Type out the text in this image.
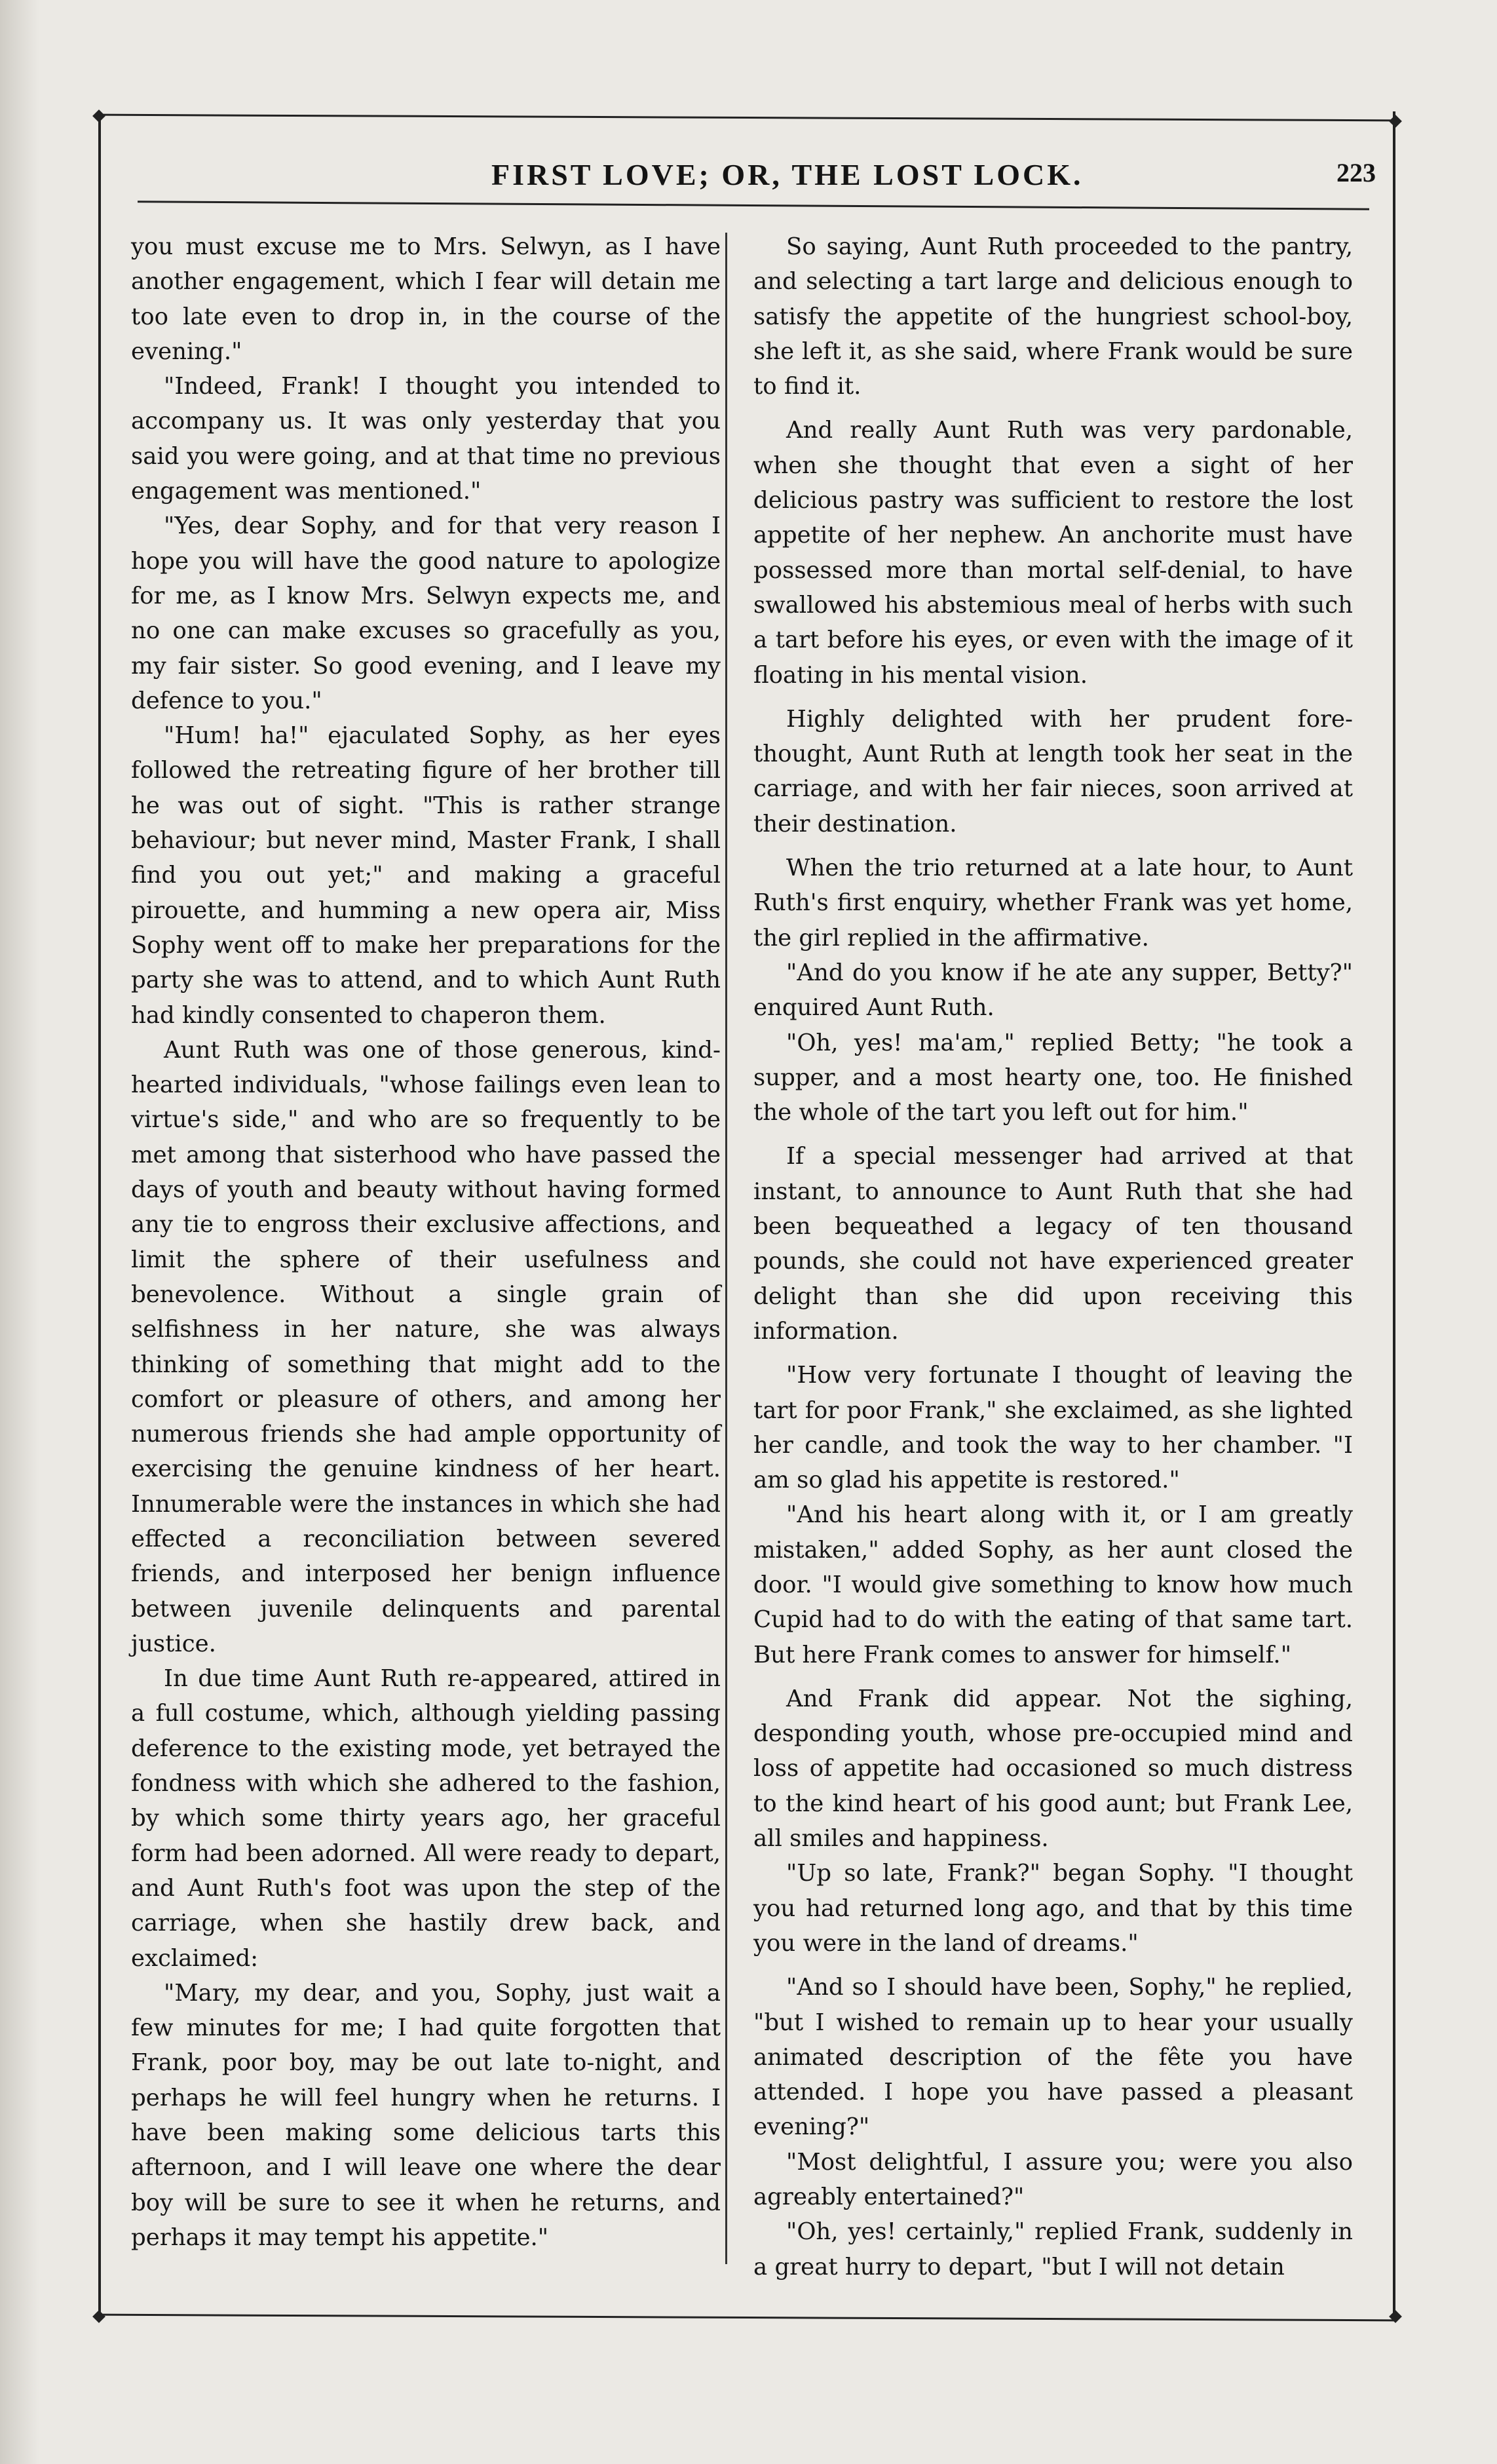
FIRST LOVE; OR, THE LOST LOCK.	223

you must excuse me to Mrs. Selwyn, as I have another engagement, which I fear will detain me too late even to drop in, in the course of the evening."

"Indeed, Frank! I thought you intended to accompany us. It was only yesterday that you said you were going, and at that time no previous engagement was mentioned."

"Yes, dear Sophy, and for that very reason I hope you will have the good nature to apologize for me, as I know Mrs. Selwyn expects me, and no one can make excuses so gracefully as you, my fair sister. So good evening, and I leave my defence to you."

"Hum! ha!" ejaculated Sophy, as her eyes followed the retreating figure of her brother till he was out of sight. "This is rather strange behaviour; but never mind, Master Frank, I shall find you out yet;" and making a graceful pirouette, and humming a new opera air, Miss Sophy went off to make her preparations for the party she was to attend, and to which Aunt Ruth had kindly consented to chaperon them.

Aunt Ruth was one of those generous, kind-hearted individuals, "whose failings even lean to virtue's side," and who are so frequently to be met among that sisterhood who have passed the days of youth and beauty without having formed any tie to engross their exclusive affections, and limit the sphere of their usefulness and benevolence. Without a single grain of selfishness in her nature, she was always thinking of something that might add to the comfort or pleasure of others, and among her numerous friends she had ample opportunity of exercising the genuine kindness of her heart. Innumerable were the instances in which she had effected a reconciliation between severed friends, and interposed her benign influence between juvenile delinquents and parental justice.

In due time Aunt Ruth re-appeared, attired in a full costume, which, although yielding passing deference to the existing mode, yet betrayed the fondness with which she adhered to the fashion, by which some thirty years ago, her graceful form had been adorned. All were ready to depart, and Aunt Ruth's foot was upon the step of the carriage, when she hastily drew back, and exclaimed:

"Mary, my dear, and you, Sophy, just wait a few minutes for me; I had quite forgotten that Frank, poor boy, may be out late to-night, and perhaps he will feel hungry when he returns. I have been making some delicious tarts this afternoon, and I will leave one where the dear boy will be sure to see it when he returns, and perhaps it may tempt his appetite."

So saying, Aunt Ruth proceeded to the pantry, and selecting a tart large and delicious enough to satisfy the appetite of the hungriest school-boy, she left it, as she said, where Frank would be sure to find it.

And really Aunt Ruth was very pardonable, when she thought that even a sight of her delicious pastry was sufficient to restore the lost appetite of her nephew. An anchorite must have possessed more than mortal self-denial, to have swallowed his abstemious meal of herbs with such a tart before his eyes, or even with the image of it floating in his mental vision.

Highly delighted with her prudent fore-thought, Aunt Ruth at length took her seat in the carriage, and with her fair nieces, soon arrived at their destination.

When the trio returned at a late hour, to Aunt Ruth's first enquiry, whether Frank was yet home, the girl replied in the affirmative.

"And do you know if he ate any supper, Betty?" enquired Aunt Ruth.

"Oh, yes! ma'am," replied Betty; "he took a supper, and a most hearty one, too. He finished the whole of the tart you left out for him."

If a special messenger had arrived at that instant, to announce to Aunt Ruth that she had been bequeathed a legacy of ten thousand pounds, she could not have experienced greater delight than she did upon receiving this information.

"How very fortunate I thought of leaving the tart for poor Frank," she exclaimed, as she lighted her candle, and took the way to her chamber. "I am so glad his appetite is restored."

"And his heart along with it, or I am greatly mistaken," added Sophy, as her aunt closed the door. "I would give something to know how much Cupid had to do with the eating of that same tart. But here Frank comes to answer for himself."

And Frank did appear. Not the sighing, desponding youth, whose pre-occupied mind and loss of appetite had occasioned so much distress to the kind heart of his good aunt; but Frank Lee, all smiles and happiness.

"Up so late, Frank?" began Sophy. "I thought you had returned long ago, and that by this time you were in the land of dreams."

"And so I should have been, Sophy," he replied, "but I wished to remain up to hear your usually animated description of the fête you have attended. I hope you have passed a pleasant evening?"

"Most delightful, I assure you; were you also agreably entertained?"

"Oh, yes! certainly," replied Frank, suddenly in a great hurry to depart, "but I will not detain
